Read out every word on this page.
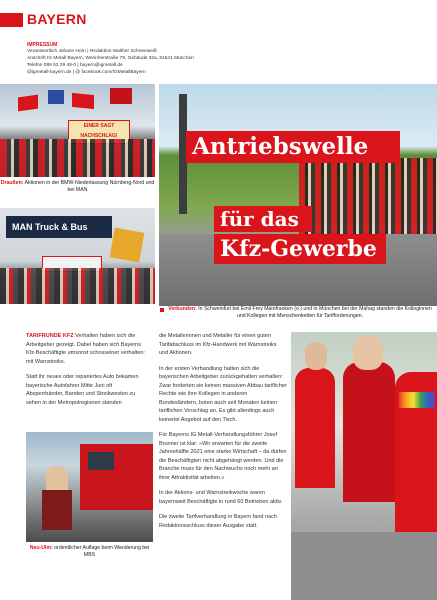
BAYERN
IMPRESSUM
Verantwortlich Johann Horn | Redaktion Walther Schneeweiß
Anschrift IG Metall Bayern, Werinherstraße 79, Gebäude 32a, 81541 München
Telefon 089 53 29 49-0 | bayern@igmetall.de
@igmetall-bayern.de | @ facebook.com/IGMetallBayern
EINER SAGT NACHSCHLAG!
Draußen: Aktionen in der BMW-Niederlassung Nürnberg-Nord und bei MAN
MAN Truck & Bus
Antriebswelle
für das
Kfz-Gewerbe
Verbunden: In Schweinfurt bei Emil Frey Mainfranken (o.) und in München bei der Mahag standen die Kolleginnen und Kollegen mit Menschenketten für Tarifforderungen.

TARIFRUNDE KFZ Verhalten haben sich die Arbeitgeber gezeigt. Dabei haben sich Bayerns Kfz-Beschäftigte umsonst schosseiner verhalten: mit Warnstreiks.

Statt ihr neues oder repariertes Auto bekamen bayerische Autofahrer Mitte Juni oft Absperrbänder, Banden und Streikwesten zu sehen in der Metropolregionen standen

Neu-Ulm: ordentlicher Auflage beim Wanderung bei MBS

die Metallerinnen und Metaller für einen guten Tarifabschluss im Kfz-Handwerk mit Warnstreiks und Aktionen.

In der ersten Verhandlung hatten sich die bayerischen Arbeitgeber zurückgehalten verhalten: Zwar forderten sie keinen massiven Abbau tariflicher Rechte wie ihre Kollegen in anderen Bundesländern, boten auch seit Monaten keinen tariflichen Vorschlag an. Es gibt allerdings auch keinerlei Angebot auf den Tisch.

Für Bayerns IG Metall-Verhandlungsführer Josef Brunner ist klar: »Wir erwarten für die zweite Jahreshälfte 2021 eine starke Wirtschaft – da dürfen die Beschäftigten nicht abgehängt werden. Und die Branche muss für den Nachwuchs noch mehr an ihrer Attraktivität arbeiten.«

In der Aktions- und Warnstreikwoche waren bayernweit Beschäftigte in rund 60 Betrieben aktiv.

Die zweite Tarifverhandlung in Bayern fand nach Redaktionsschluss dieser Ausgabe statt.
